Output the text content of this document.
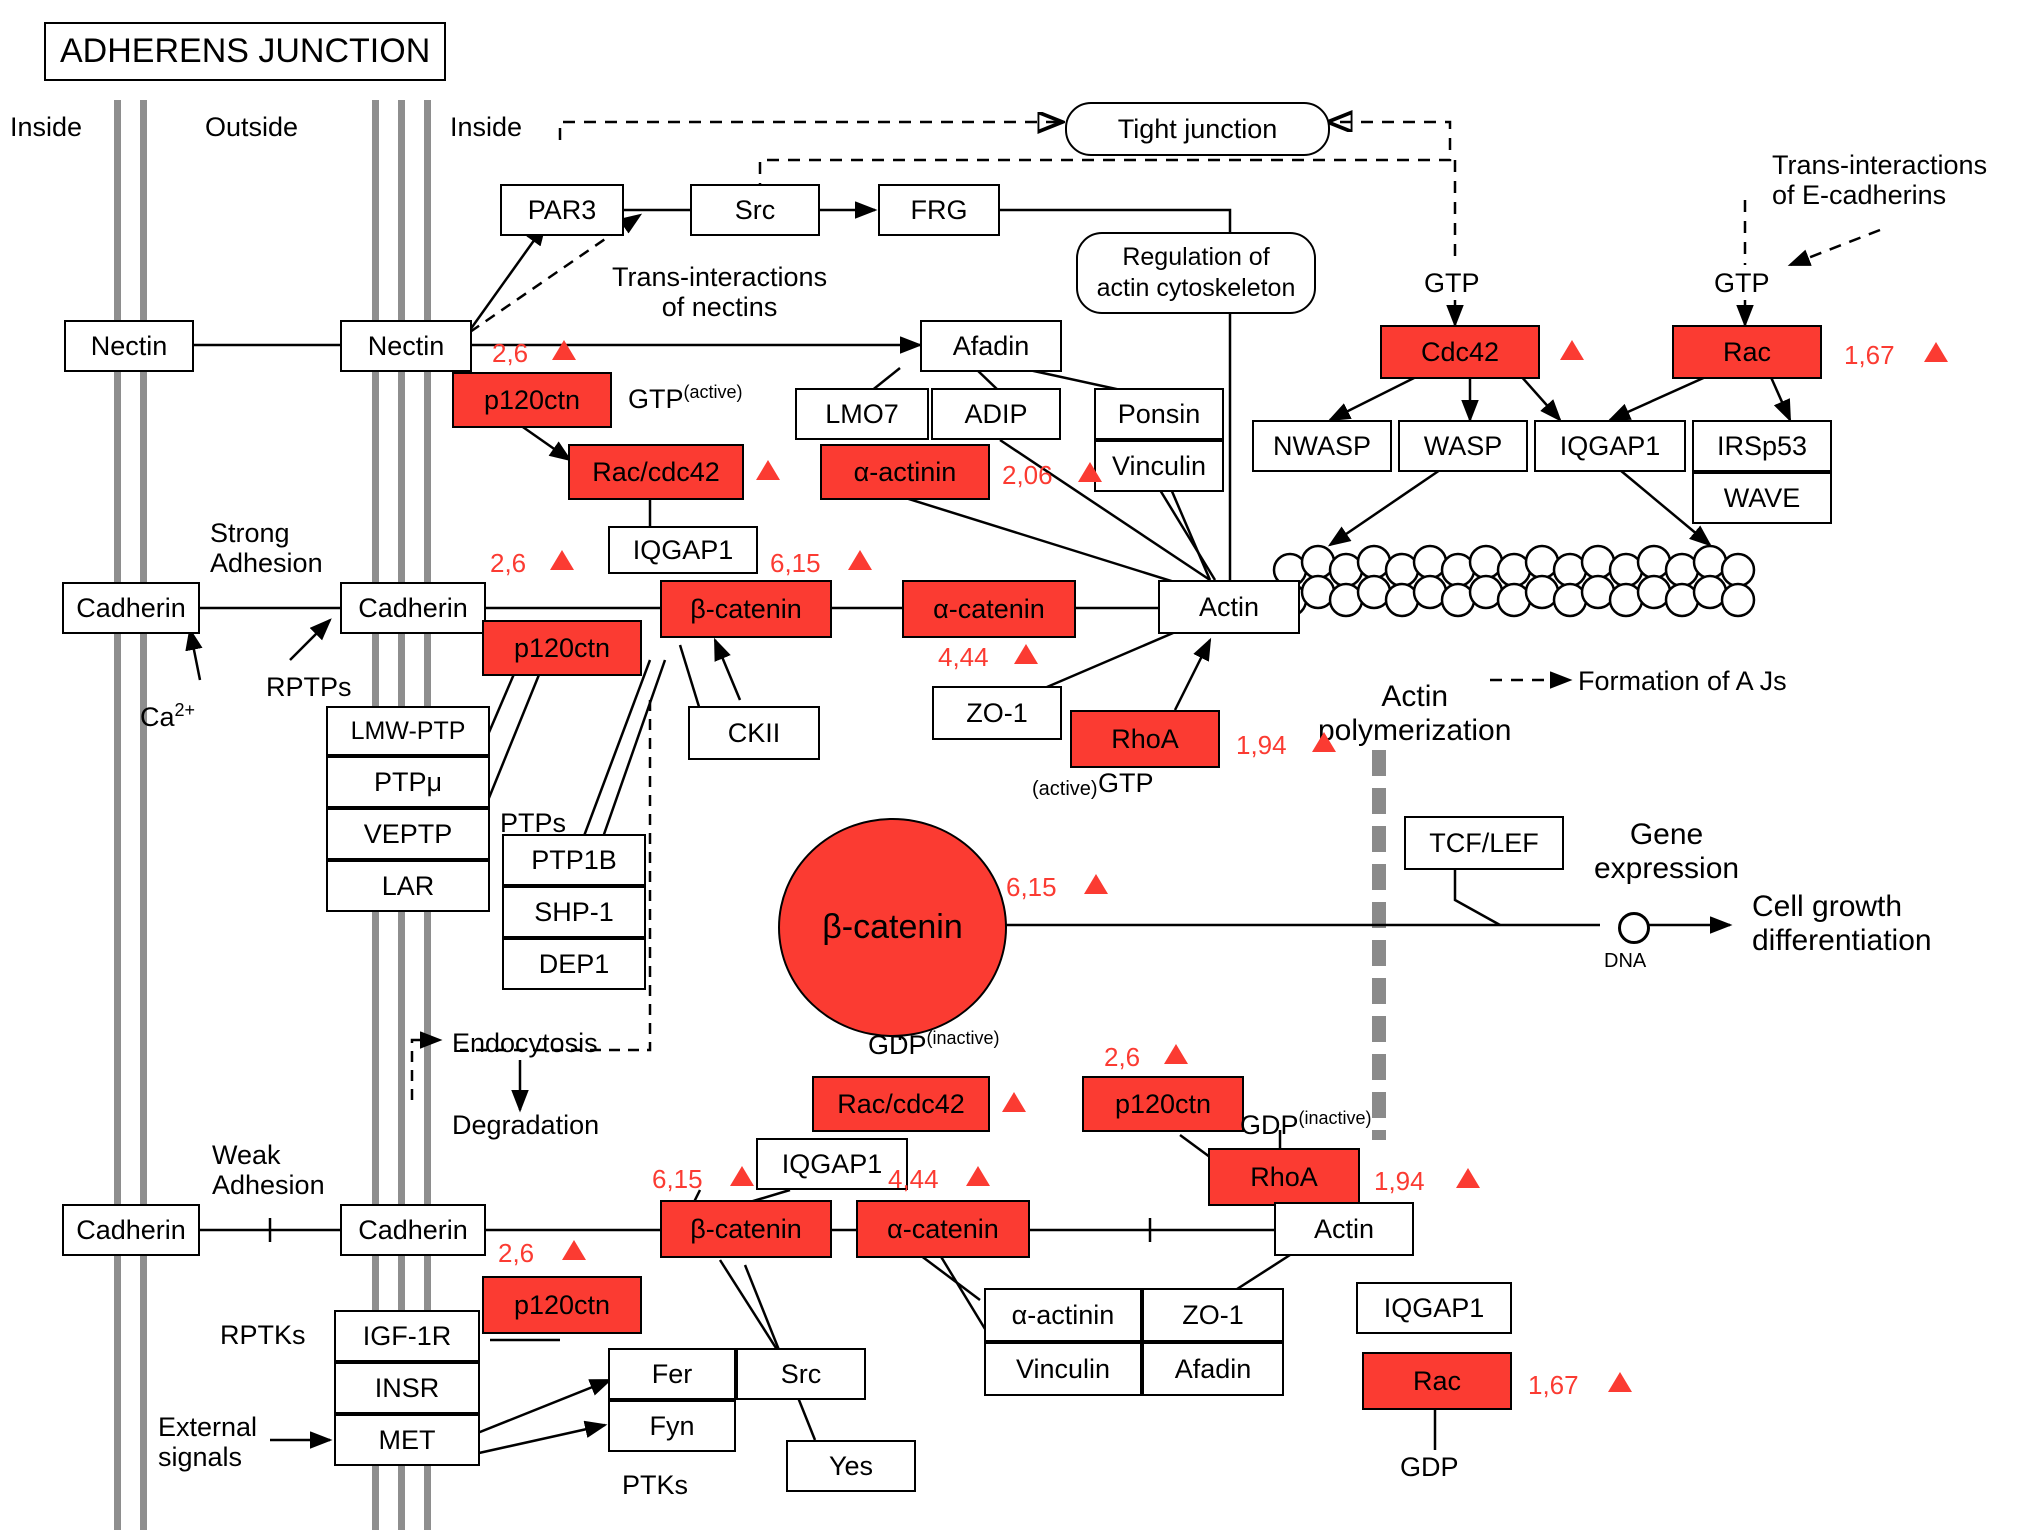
ADHERENS JUNCTION
Inside	Outside	Inside	Tight junction
PAR3	Src	FRG
Nectin	Nectin	Afadin
LMO7 ADIP	Ponsin
Vinculin
p120ctn
Rac/cdc42
IQGAP1
α-actinin
Cdc42	Rac
NWASP WASP IQGAP1 IRSp53
WAVE
Cadherin	Cadherin
p120ctn
β-catenin	α-catenin	Actin
LMW-PTP
PTPμ
VEPTP
LAR
PTP1B
SHP-1
DEP1
CKII
ZO-1
RhoA
TCF/LEF
β-catenin
Rac/cdc42	p120ctn
RhoA
IQGAP1
Cadherin	Cadherin
p120ctn
β-catenin	α-catenin	Actin
α-actinin	ZO-1
Vinculin Afadin
IQGAP1
Rac
IGF-1R
INSR
MET
Fer
Fyn
Src
Yes
Trans-interactions
of nectins
Trans-interactions
of E-cadherins
Regulation of
actin cytoskeleton
Strong
Adhesion
Weak
Adhesion
RPTPs
$Ca^{2+}$
PTPs
RPTKs
PTKs
External
signals
Endocytosis
Degradation
$GTP^{(active)}$
GTP	GTP
(active) GTP
$GDP^{(inactive)}$
$GDP^{(inactive)}$
GDP
Actin
polymerization
Formation of A Js
Gene
expression
DNA
Cell growth
differentiation
2,6
2,06
1,67
2,6	6,15
4,44
1,94
6,15
2,6
1,94
2,6
6,15	4,44
1,67
